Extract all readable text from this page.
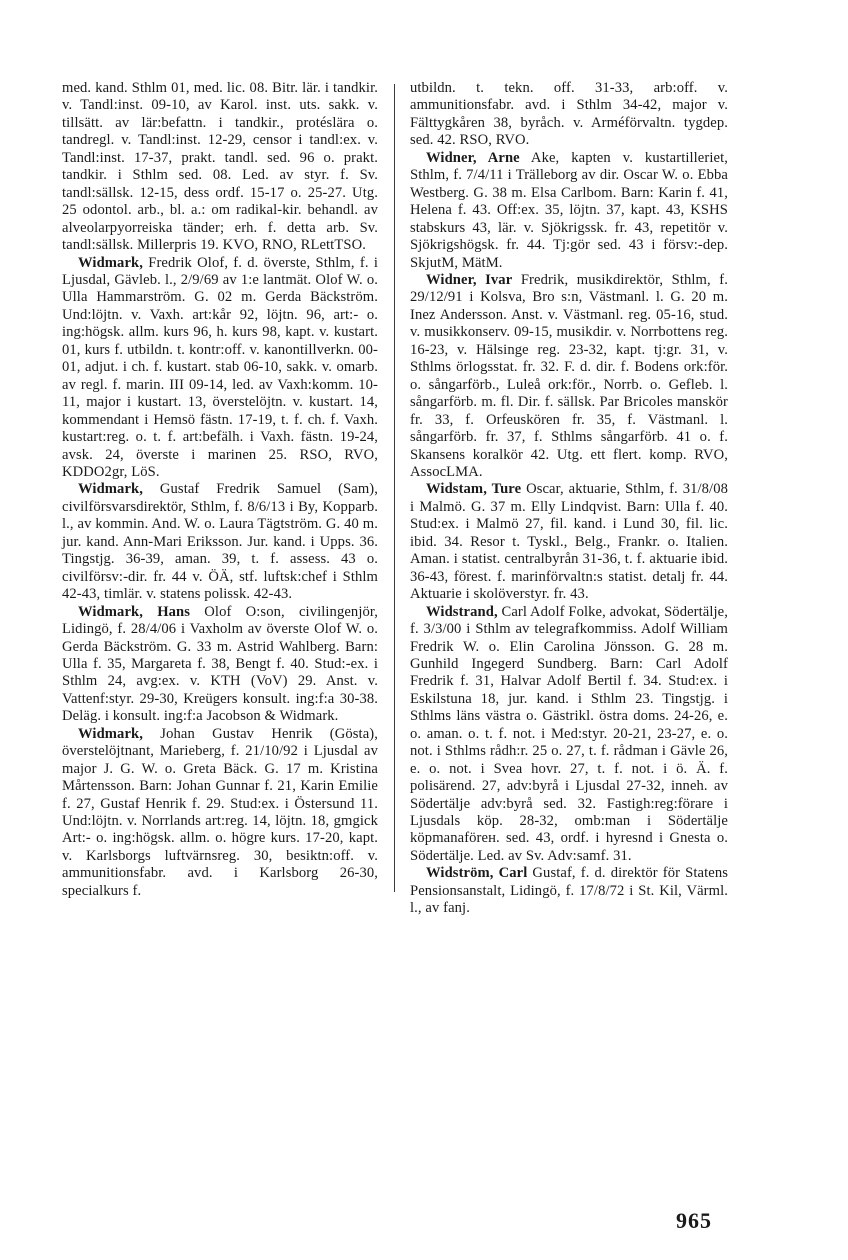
med. kand. Sthlm 01, med. lic. 08. Bitr. lär. i tandkir. v. Tandl:inst. 09-10, av Karol. inst. uts. sakk. v. tillsätt. av lär:befattn. i tandkir., protéslära o. tandregl. v. Tandl:inst. 12-29, censor i tandl:ex. v. Tandl:inst. 17-37, prakt. tandl. sed. 96 o. prakt. tandkir. i Sthlm sed. 08. Led. av styr. f. Sv. tandl:sällsk. 12-15, dess ordf. 15-17 o. 25-27. Utg. 25 odontol. arb., bl. a.: om radikal-kir. behandl. av alveolarpyorreiska tänder; erh. f. detta arb. Sv. tandl:sällsk. Millerpris 19. KVO, RNO, RLettTSO.

Widmark, Fredrik Olof, f. d. överste, Sthlm, f. i Ljusdal, Gävleb. l., 2/9/69 av 1:e lantmät. Olof W. o. Ulla Hammarström. G. 02 m. Gerda Bäckström. Und:löjtn. v. Vaxh. art:kår 92, löjtn. 96, art:- o. ing:högsk. allm. kurs 96, h. kurs 98, kapt. v. kustart. 01, kurs f. utbildn. t. kontr:off. v. kanontillverkn. 00-01, adjut. i ch. f. kustart. stab 06-10, sakk. v. omarb. av regl. f. marin. III 09-14, led. av Vaxh:komm. 10-11, major i kustart. 13, överstelöjtn. v. kustart. 14, kommendant i Hemsö fästn. 17-19, t. f. ch. f. Vaxh. kustart:reg. o. t. f. art:befälh. i Vaxh. fästn. 19-24, avsk. 24, överste i marinen 25. RSO, RVO, KDDO2gr, LöS.

Widmark, Gustaf Fredrik Samuel (Sam), civilförsvarsdirektör, Sthlm, f. 8/6/13 i By, Kopparb. l., av kommin. And. W. o. Laura Tägtström. G. 40 m. jur. kand. Ann-Mari Eriksson. Jur. kand. i Upps. 36. Tingstjg. 36-39, aman. 39, t. f. assess. 43 o. civilförsv:-dir. fr. 44 v. ÖÄ, stf. luftsk:chef i Sthlm 42-43, timlär. v. statens polissk. 42-43.

Widmark, Hans Olof O:son, civilingenjör, Lidingö, f. 28/4/06 i Vaxholm av överste Olof W. o. Gerda Bäckström. G. 33 m. Astrid Wahlberg. Barn: Ulla f. 35, Margareta f. 38, Bengt f. 40. Stud:-ex. i Sthlm 24, avg:ex. v. KTH (VoV) 29. Anst. v. Vattenf:styr. 29-30, Kreügers konsult. ing:f:a 30-38. Deläg. i konsult. ing:f:a Jacobson & Widmark.

Widmark, Johan Gustav Henrik (Gösta), överstelöjtnant, Marieberg, f. 21/10/92 i Ljusdal av major J. G. W. o. Greta Bäck. G. 17 m. Kristina Mårtensson. Barn: Johan Gunnar f. 21, Karin Emilie f. 27, Gustaf Henrik f. 29. Stud:ex. i Östersund 11. Und:löjtn. v. Norrlands art:reg. 14, löjtn. 18, gmgick Art:- o. ing:högsk. allm. o. högre kurs. 17-20, kapt. v. Karlsborgs luftvärnsreg. 30, besiktn:off. v. ammunitionsfabr. avd. i Karlsborg 26-30, specialkurs f.

utbildn. t. tekn. off. 31-33, arb:off. v. ammunitionsfabr. avd. i Sthlm 34-42, major v. Fälttygkåren 38, byråch. v. Arméförvaltn. tygdep. sed. 42. RSO, RVO.

Widner, Arne Ake, kapten v. kustartilleriet, Sthlm, f. 7/4/11 i Trälleborg av dir. Oscar W. o. Ebba Westberg. G. 38 m. Elsa Carlbom. Barn: Karin f. 41, Helena f. 43. Off:ex. 35, löjtn. 37, kapt. 43, KSHS stabskurs 43, lär. v. Sjökrigssk. fr. 43, repetitör v. Sjökrigshögsk. fr. 44. Tj:gör sed. 43 i försv:-dep. SkjutM, MätM.

Widner, Ivar Fredrik, musikdirektör, Sthlm, f. 29/12/91 i Kolsva, Bro s:n, Västmanl. l. G. 20 m. Inez Andersson. Anst. v. Västmanl. reg. 05-16, stud. v. musikkonserv. 09-15, musikdir. v. Norrbottens reg. 16-23, v. Hälsinge reg. 23-32, kapt. tj:gr. 31, v. Sthlms örlogsstat. fr. 32. F. d. dir. f. Bodens ork:för. o. sångarförb., Luleå ork:för., Norrb. o. Gefleb. l. sångarförb. m. fl. Dir. f. sällsk. Par Bricoles manskör fr. 33, f. Orfeuskören fr. 35, f. Västmanl. l. sångarförb. fr. 37, f. Sthlms sångarförb. 41 o. f. Skansens koralkör 42. Utg. ett flert. komp. RVO, AssocLMA.

Widstam, Ture Oscar, aktuarie, Sthlm, f. 31/8/08 i Malmö. G. 37 m. Elly Lindqvist. Barn: Ulla f. 40. Stud:ex. i Malmö 27, fil. kand. i Lund 30, fil. lic. ibid. 34. Resor t. Tyskl., Belg., Frankr. o. Italien. Aman. i statist. centralbyrån 31-36, t. f. aktuarie ibid. 36-43, förest. f. marinförvaltn:s statist. detalj fr. 44. Aktuarie i skolöverstyr. fr. 43.

Widstrand, Carl Adolf Folke, advokat, Södertälje, f. 3/3/00 i Sthlm av telegrafkommiss. Adolf William Fredrik W. o. Elin Carolina Jönsson. G. 28 m. Gunhild Ingegerd Sundberg. Barn: Carl Adolf Fredrik f. 31, Halvar Adolf Bertil f. 34. Stud:ex. i Eskilstuna 18, jur. kand. i Sthlm 23. Tingstjg. i Sthlms läns västra o. Gästrikl. östra doms. 24-26, e. o. aman. o. t. f. not. i Med:styr. 20-21, 23-27, e. o. not. i Sthlms rådh:r. 25 o. 27, t. f. rådman i Gävle 26, e. o. not. i Svea hovr. 27, t. f. not. i ö. Ä. f. polisärend. 27, adv:byrå i Ljusdal 27-32, inneh. av Södertälje adv:byrå sed. 32. Fastigh:reg:förare i Ljusdals köp. 28-32, omb:man i Södertälje köpmanaförен. sed. 43, ordf. i hyresnd i Gnesta o. Södertälje. Led. av Sv. Adv:samf. 31.

Widström, Carl Gustaf, f. d. direktör för Statens Pensionsanstalt, Lidingö, f. 17/8/72 i St. Kil, Värml. l., av fanj.

965
